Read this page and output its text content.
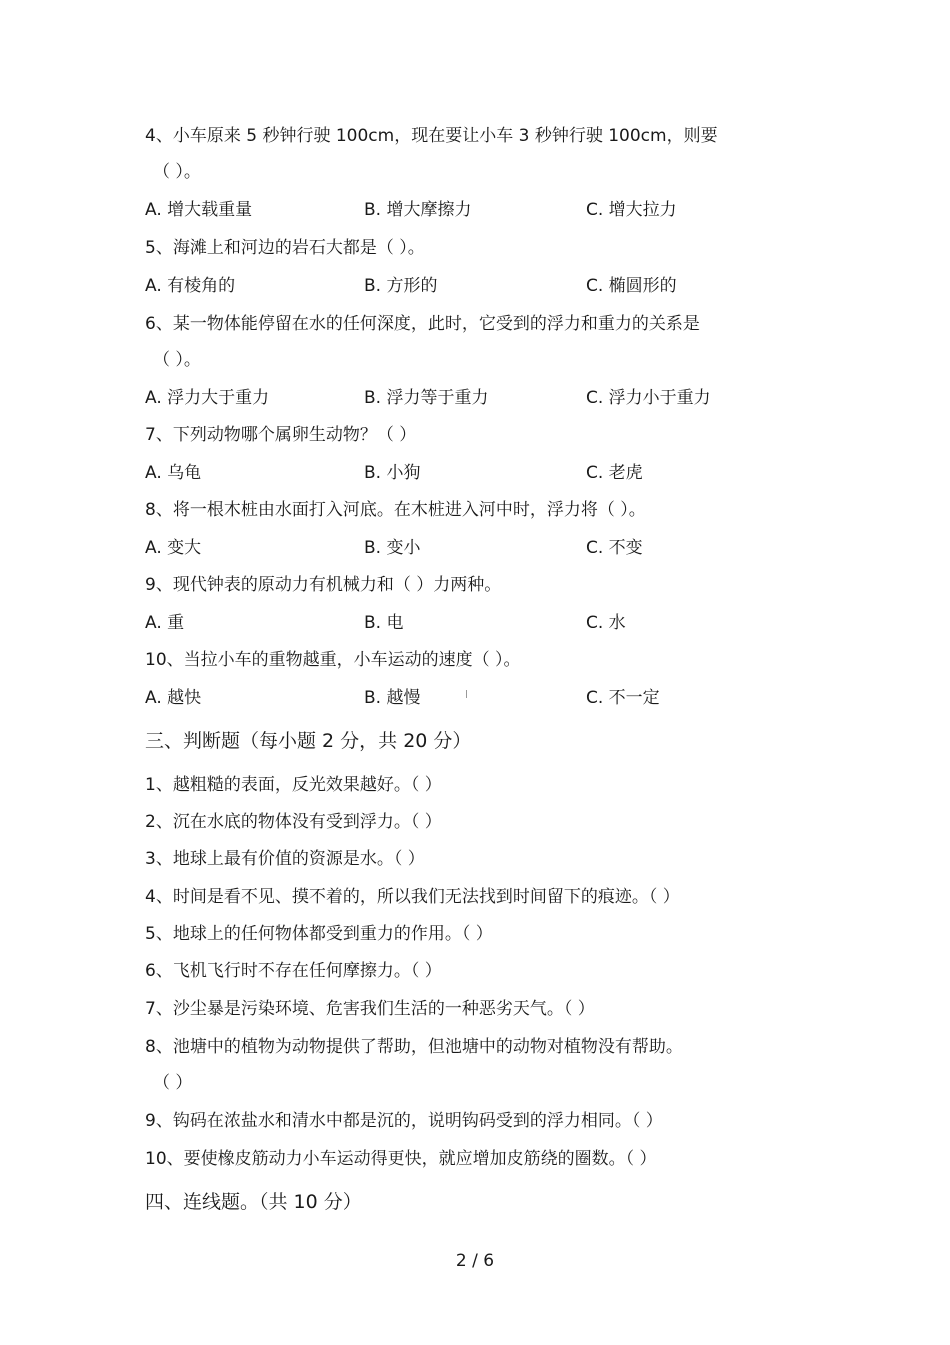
4、小车原来 5 秒钟行驶 100cm，现在要让小车 3 秒钟行驶 100cm，则要
（ ）。
A. 增大载重量	B. 增大摩擦力	C. 增大拉力
5、海滩上和河边的岩石大都是（ ）。
A. 有棱角的	B. 方形的	C. 椭圆形的
6、某一物体能停留在水的任何深度，此时，它受到的浮力和重力的关系是
（ ）。
A. 浮力大于重力	B. 浮力等于重力	C. 浮力小于重力
7、下列动物哪个属卵生动物？（ ）
A. 乌龟	B. 小狗	C. 老虎
8、将一根木桩由水面打入河底。在木桩进入河中时，浮力将（ ）。
A. 变大	B. 变小	C. 不变
9、现代钟表的原动力有机械力和（ ）力两种。
A. 重	B. 电	C. 水
10、当拉小车的重物越重，小车运动的速度（ ）。
A. 越快	B. 越慢	C. 不一定
三、判断题（每小题 2 分，共 20 分）
1、越粗糙的表面，反光效果越好。（ ）
2、沉在水底的物体没有受到浮力。（ ）
3、地球上最有价值的资源是水。（ ）
4、时间是看不见、摸不着的，所以我们无法找到时间留下的痕迹。（ ）
5、地球上的任何物体都受到重力的作用。（ ）
6、飞机飞行时不存在任何摩擦力。（ ）
7、沙尘暴是污染环境、危害我们生活的一种恶劣天气。（ ）
8、池塘中的植物为动物提供了帮助，但池塘中的动物对植物没有帮助。
（ ）
9、钩码在浓盐水和清水中都是沉的，说明钩码受到的浮力相同。（ ）
10、要使橡皮筋动力小车运动得更快，就应增加皮筋绕的圈数。（ ）
四、连线题。（共 10 分）
2 / 6
